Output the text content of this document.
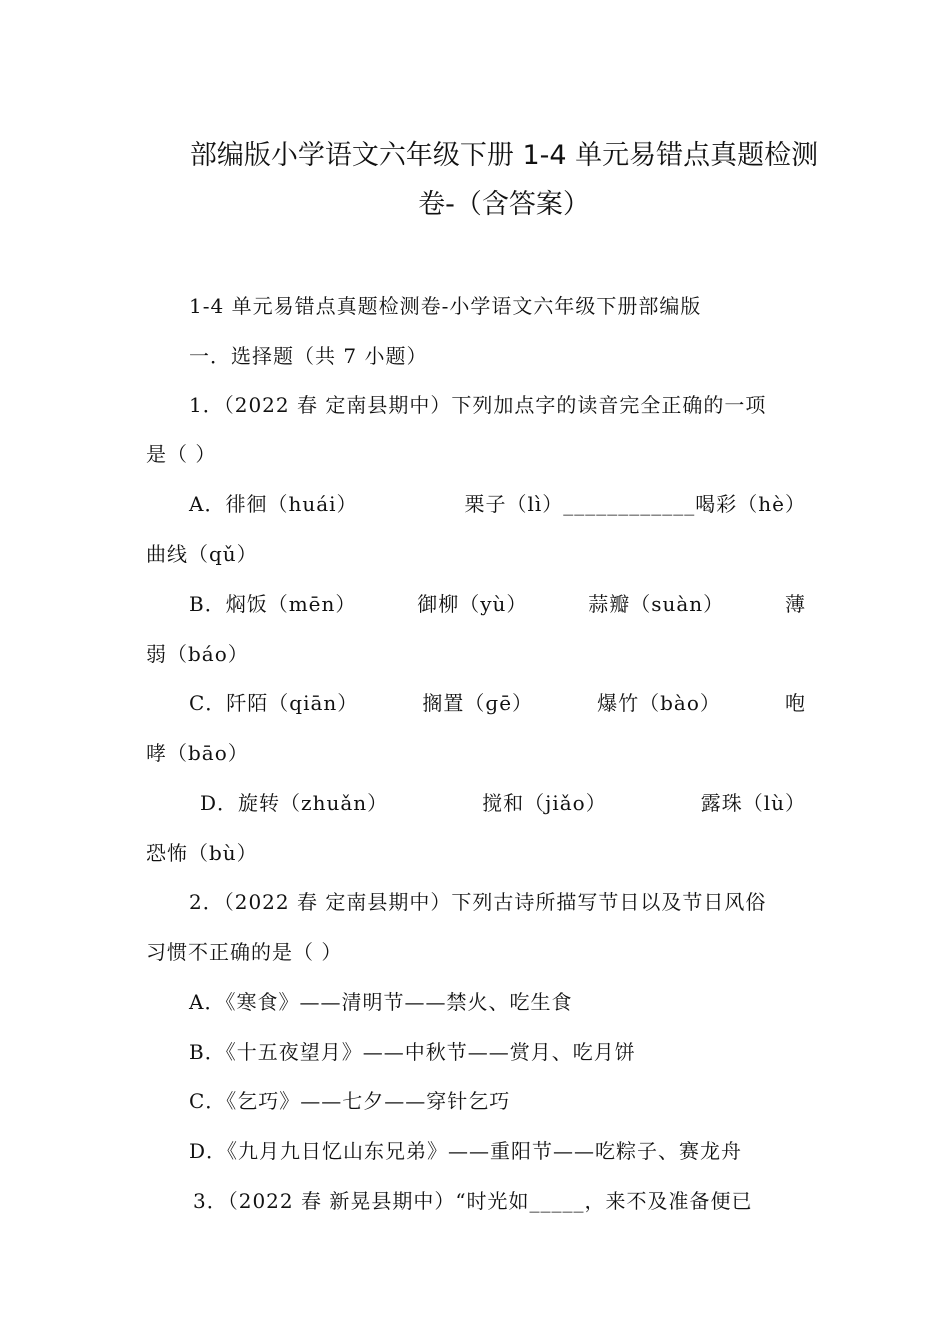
部编版小学语文六年级下册 1-4 单元易错点真题检测
卷-（含答案）
1-4 单元易错点真题检测卷-小学语文六年级下册部编版
一．选择题（共 7 小题）
1．（2022 春 定南县期中）下列加点字的读音完全正确的一项
是（ ）
A．徘徊（huái）	栗子（lì）____________喝彩（hè）
曲线（qǔ）
B．焖饭（mēn）	御柳（yù）	蒜瓣（suàn）	薄
弱（báo）
C．阡陌（qiān）	搁置（ɡē）	爆竹（bào）	咆
哮（bāo）
D．旋转（zhuǎn）	搅和（jiǎo）	露珠（lù）
恐怖（bù）
2．（2022 春 定南县期中）下列古诗所描写节日以及节日风俗
习惯不正确的是（ ）
A．《寒食》——清明节——禁火、吃生食
B．《十五夜望月》——中秋节——赏月、吃月饼
C．《乞巧》——七夕——穿针乞巧
D．《九月九日忆山东兄弟》——重阳节——吃粽子、赛龙舟
3．（2022 春 新晃县期中）“时光如_____，来不及准备便已
